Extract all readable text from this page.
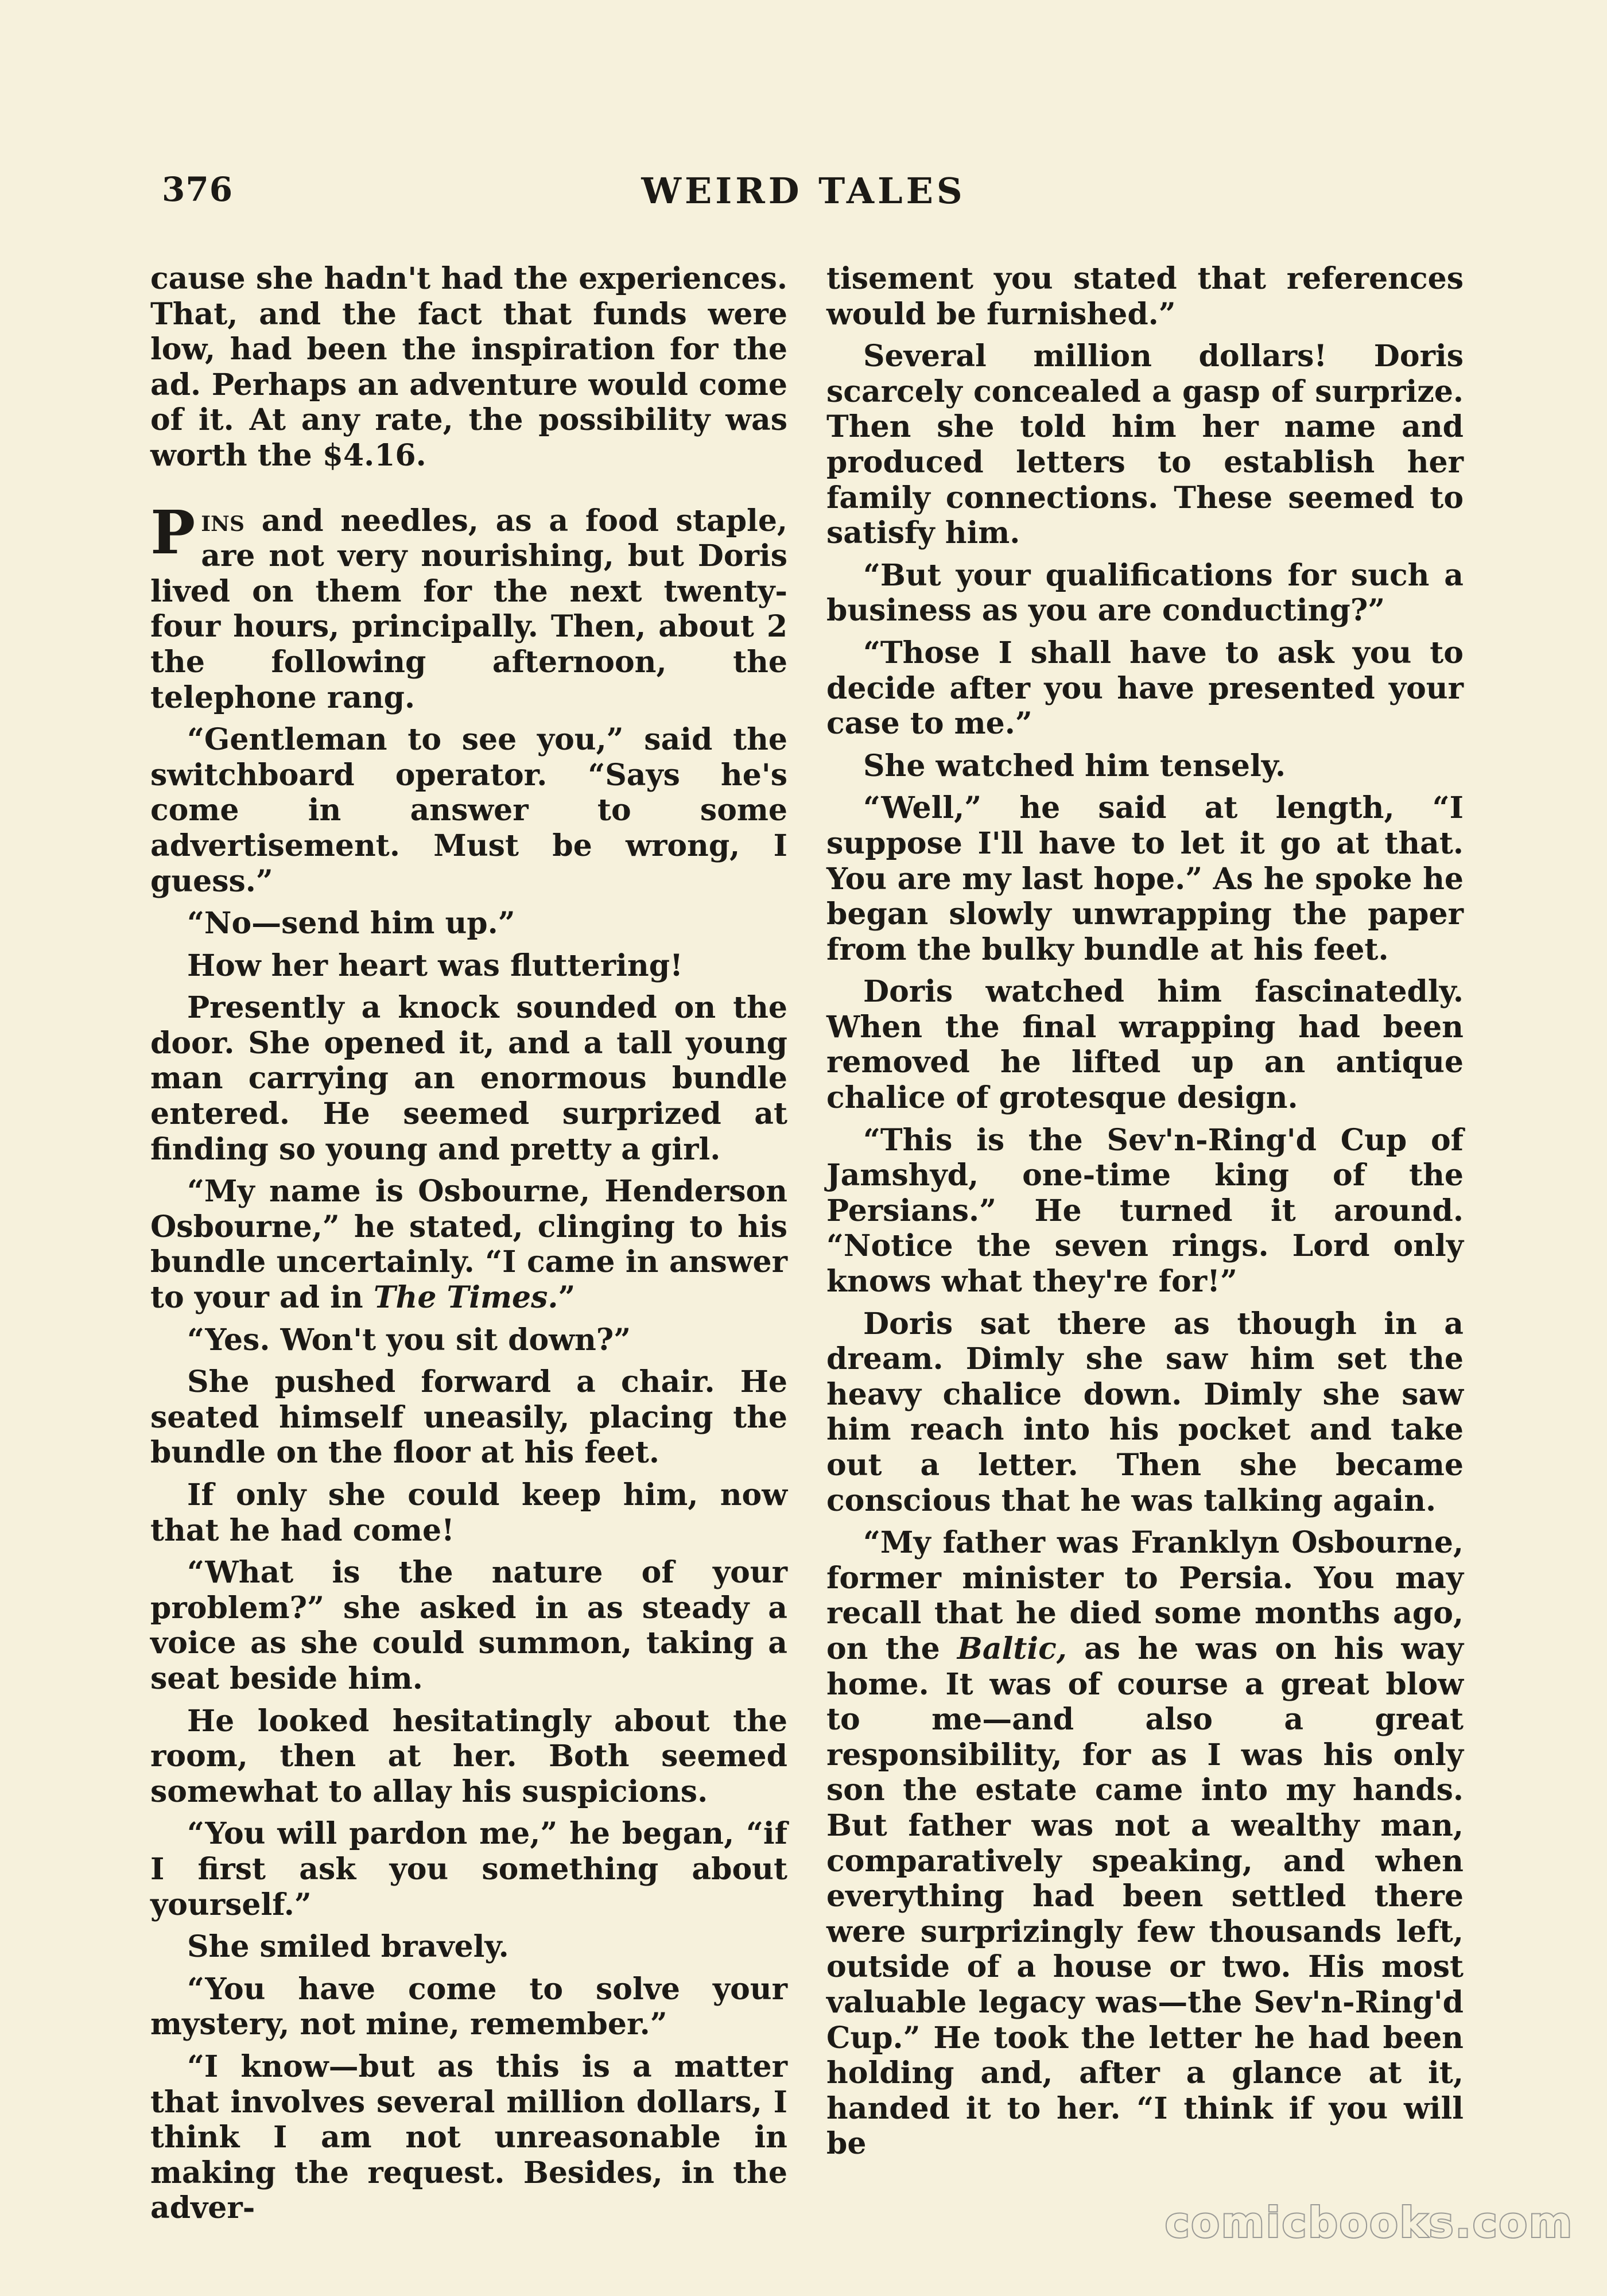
376	WEIRD TALES

cause she hadn't had the experiences. That, and the fact that funds were low, had been the inspiration for the ad. Perhaps an adventure would come of it. At any rate, the possibility was worth the $4.16.

Pins and needles, as a food staple, are not very nourishing, but Doris lived on them for the next twenty-four hours, principally. Then, about 2 the following afternoon, the telephone rang.

“Gentleman to see you,” said the switchboard operator. “Says he's come in answer to some advertisement. Must be wrong, I guess.”

“No—send him up.”

How her heart was fluttering!

Presently a knock sounded on the door. She opened it, and a tall young man carrying an enormous bundle entered. He seemed surprized at finding so young and pretty a girl.

“My name is Osbourne, Henderson Osbourne,” he stated, clinging to his bundle uncertainly. “I came in answer to your ad in The Times.”

“Yes. Won't you sit down?”

She pushed forward a chair. He seated himself uneasily, placing the bundle on the floor at his feet.

If only she could keep him, now that he had come!

“What is the nature of your problem?” she asked in as steady a voice as she could summon, taking a seat beside him.

He looked hesitatingly about the room, then at her. Both seemed somewhat to allay his suspicions.

“You will pardon me,” he began, “if I first ask you something about yourself.”

She smiled bravely.

“You have come to solve your mystery, not mine, remember.”

“I know—but as this is a matter that involves several million dollars, I think I am not unreasonable in making the request. Besides, in the adver-

tisement you stated that references would be furnished.”

Several million dollars! Doris scarcely concealed a gasp of surprize. Then she told him her name and produced letters to establish her family connections. These seemed to satisfy him.

“But your qualifications for such a business as you are conducting?”

“Those I shall have to ask you to decide after you have presented your case to me.”

She watched him tensely.

“Well,” he said at length, “I suppose I'll have to let it go at that. You are my last hope.” As he spoke he began slowly unwrapping the paper from the bulky bundle at his feet.

Doris watched him fascinatedly. When the final wrapping had been removed he lifted up an antique chalice of grotesque design.

“This is the Sev'n-Ring'd Cup of Jamshyd, one-time king of the Persians.” He turned it around. “Notice the seven rings. Lord only knows what they're for!”

Doris sat there as though in a dream. Dimly she saw him set the heavy chalice down. Dimly she saw him reach into his pocket and take out a letter. Then she became conscious that he was talking again.

“My father was Franklyn Osbourne, former minister to Persia. You may recall that he died some months ago, on the Baltic, as he was on his way home. It was of course a great blow to me—and also a great responsibility, for as I was his only son the estate came into my hands. But father was not a wealthy man, comparatively speaking, and when everything had been settled there were surprizingly few thousands left, outside of a house or two. His most valuable legacy was—the Sev'n-Ring'd Cup.” He took the letter he had been holding and, after a glance at it, handed it to her. “I think if you will be

comicbooks.com
